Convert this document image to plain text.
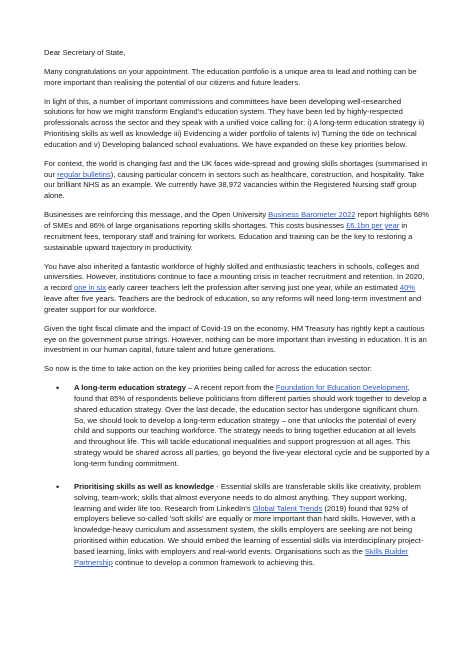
Dear Secretary of State,

Many congratulations on your appointment. The education portfolio is a unique area to lead and nothing can be more important than realising the potential of our citizens and future leaders.

In light of this, a number of important commissions and committees have been developing well-researched solutions for how we might transform England's education system. They have been led by highly-respected professionals across the sector and they speak with a unified voice calling for: i) A long-term education strategy ii) Prioritising skills as well as knowledge iii) Evidencing a wider portfolio of talents iv) Turning the tide on technical education and v) Developing balanced school evaluations. We have expanded on these key priorities below.

For context, the world is changing fast and the UK faces wide-spread and growing skills shortages (summarised in our regular bulletins), causing particular concern in sectors such as healthcare, construction, and hospitality. Take our brilliant NHS as an example. We currently have 38,972 vacancies within the Registered Nursing staff group alone.

Businesses are reinforcing this message, and the Open University Business Barometer 2022 report highlights 68% of SMEs and 86% of large organisations reporting skills shortages. This costs businesses £6.1bn per year in recruitment fees, temporary staff and training for workers. Education and training can be the key to restoring a sustainable upward trajectory in productivity.

You have also inherited a fantastic workforce of highly skilled and enthusiastic teachers in schools, colleges and universities. However, institutions continue to face a mounting crisis in teacher recruitment and retention. In 2020, a record one in six early career teachers left the profession after serving just one year, while an estimated 40% leave after five years. Teachers are the bedrock of education, so any reforms will need long-term investment and greater support for our workforce.

Given the tight fiscal climate and the impact of Covid-19 on the economy, HM Treasury has rightly kept a cautious eye on the government purse strings. However, nothing can be more important than investing in education. It is an investment in our human capital, future talent and future generations.

So now is the time to take action on the key priorities being called for across the education sector:

• A long-term education strategy – A recent report from the Foundation for Education Development, found that 85% of respondents believe politicians from different parties should work together to develop a shared education strategy. Over the last decade, the education sector has undergone significant churn. So, we should look to develop a long-term education strategy – one that unlocks the potential of every child and supports our teaching workforce. The strategy needs to bring together education at all levels and throughout life. This will tackle educational inequalities and support progression at all ages. This strategy would be shared across all parties, go beyond the five-year electoral cycle and be supported by a long-term funding commitment.
• Prioritising skills as well as knowledge - Essential skills are transferable skills like creativity, problem solving, team-work; skills that almost everyone needs to do almost anything. They support working, learning and wider life too. Research from LinkedIn's Global Talent Trends (2019) found that 92% of employers believe so-called 'soft skills' are equally or more important than hard skills. However, with a knowledge-heavy curriculum and assessment system, the skills employers are seeking are not being prioritised within education. We should embed the learning of essential skills via interdisciplinary project-based learning, links with employers and real-world events. Organisations such as the Skills Builder Partnership continue to develop a common framework to achieving this.
